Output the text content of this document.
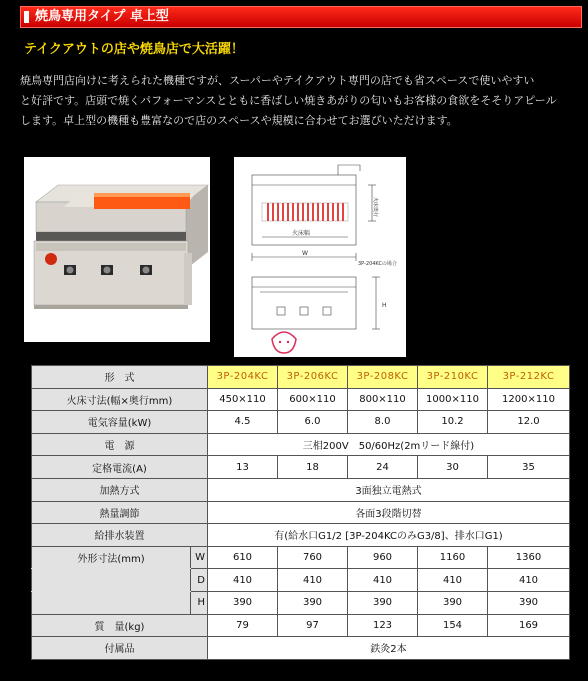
焼鳥専用タイプ 卓上型
テイクアウトの店や焼鳥店で大活躍！
焼鳥専門店向けに考えられた機種ですが、スーパーやテイクアウト専門の店でも省スペースで使いやすい
と好評です。店頭で焼くパフォーマンスとともに香ばしい焼きあがりの匂いもお客様の食欲をそそりアピール
します。卓上型の機種も豊富なので店のスペースや規模に合わせてお選びいただけます。
火床幅
W
H
3P-204KCの場合
火床奥行
形　式		3P-204KC	3P-206KC	3P-208KC	3P-210KC	3P-212KC
火床寸法(幅×奥行mm)		450×110	600×110	800×110	1000×110	1200×110
電気容量(kW)		4.5	6.0	8.0	10.2	12.0
電　源		三相200V　50/60Hz(2mリード線付)				
定格電流(A)		13	18	24	30	35
加熱方式		3面独立電熱式				
熱量調節		各面3段階切替				
給排水装置		有(給水口G1/2 [3P-204KCのみG3/8]、排水口G1)				
外形寸法(mm)	W	610	760	960	1160	1360
	D	410	410	410	410	410
	H	390	390	390	390	390
質　量(kg)		79	97	123	154	169
付属品		鉄灸2本				
